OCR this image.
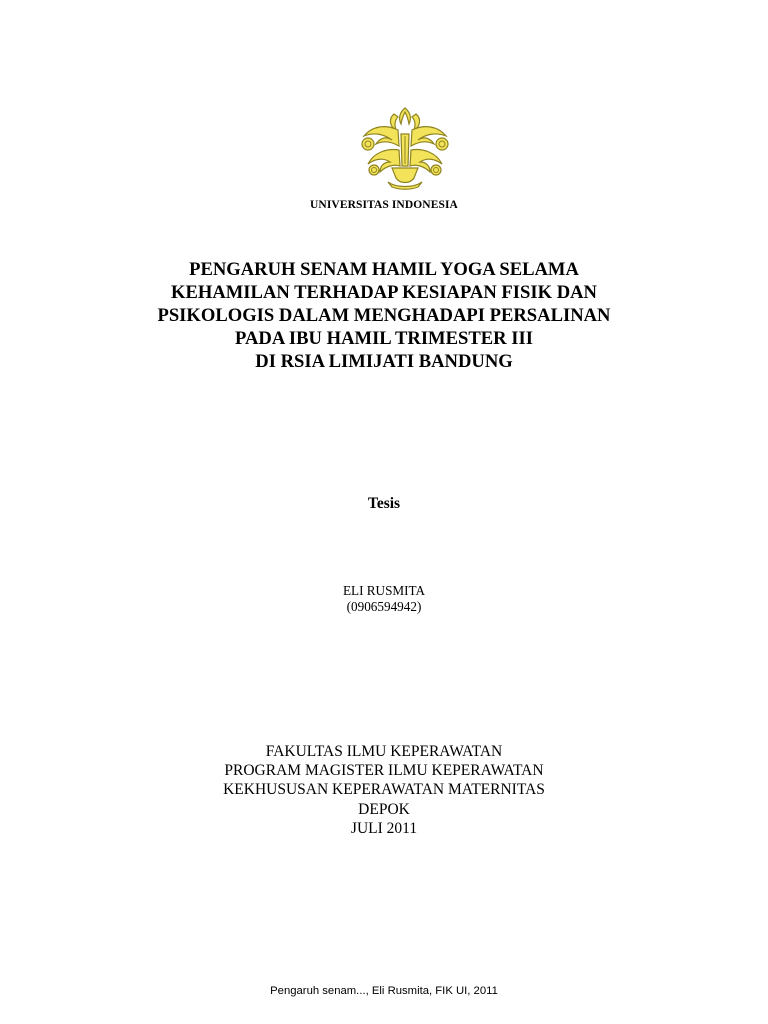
UNIVERSITAS INDONESIA
PENGARUH SENAM HAMIL YOGA SELAMA
KEHAMILAN TERHADAP KESIAPAN FISIK DAN
PSIKOLOGIS DALAM MENGHADAPI PERSALINAN
PADA IBU HAMIL TRIMESTER III
DI RSIA LIMIJATI BANDUNG
Tesis
ELI RUSMITA
(0906594942)
FAKULTAS ILMU KEPERAWATAN
PROGRAM MAGISTER ILMU KEPERAWATAN
KEKHUSUSAN KEPERAWATAN MATERNITAS
DEPOK
JULI 2011
Pengaruh senam..., Eli Rusmita, FIK UI, 2011
